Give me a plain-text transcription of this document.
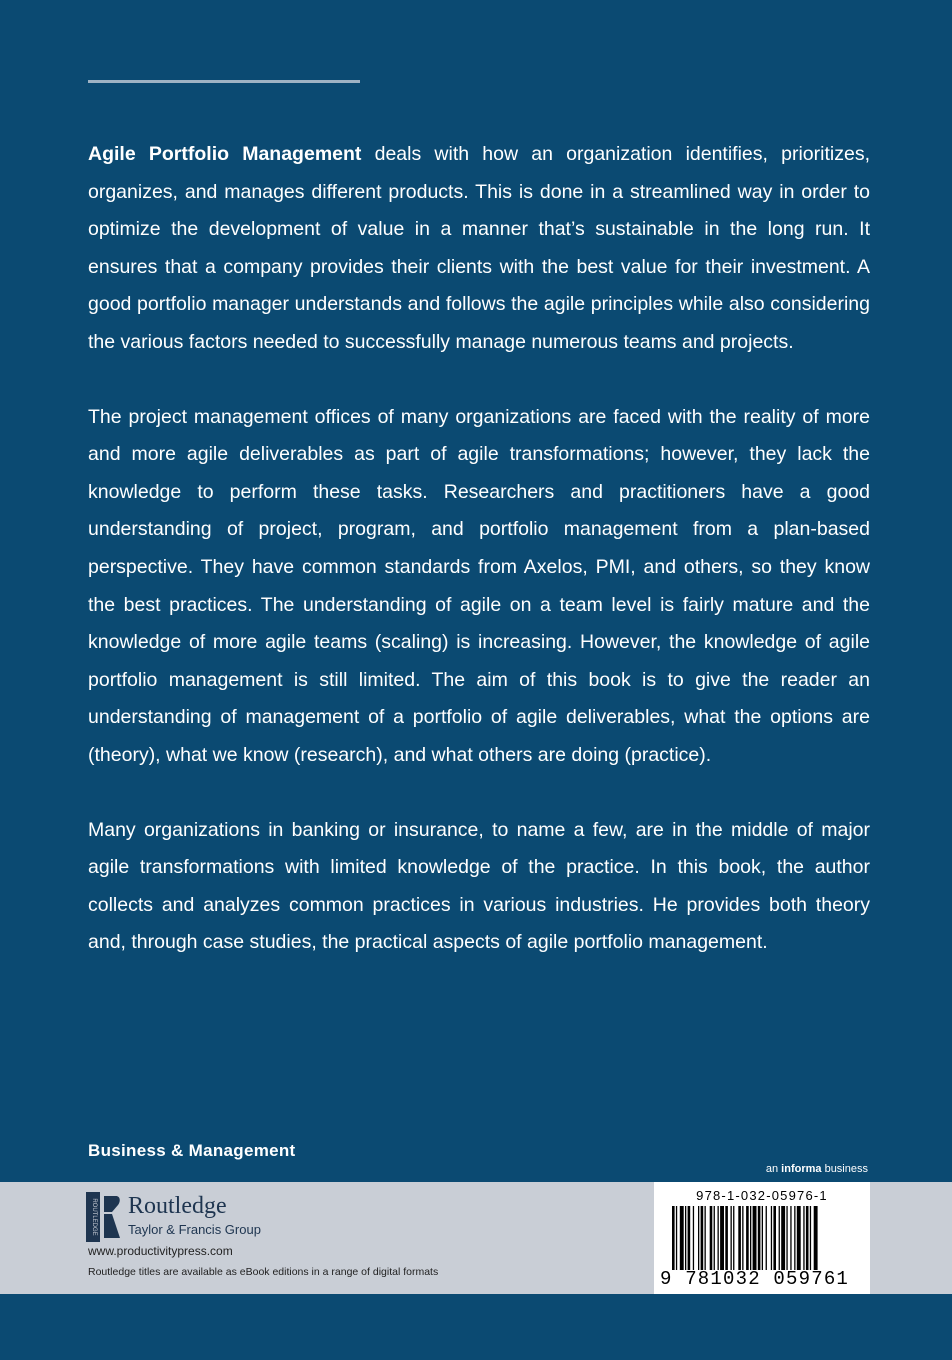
Agile Portfolio Management deals with how an organization identifies, prioritizes, organizes, and manages different products. This is done in a streamlined way in order to optimize the development of value in a manner that’s sustainable in the long run. It ensures that a company provides their clients with the best value for their investment. A good portfolio manager understands and follows the agile principles while also considering the various factors needed to successfully manage numerous teams and projects.

The project management offices of many organizations are faced with the reality of more and more agile deliverables as part of agile transformations; however, they lack the knowledge to perform these tasks. Researchers and practitioners have a good understanding of project, program, and portfolio management from a plan-based perspective. They have common standards from Axelos, PMI, and others, so they know the best practices. The understanding of agile on a team level is fairly mature and the knowledge of more agile teams (scaling) is increasing. However, the knowledge of agile portfolio management is still limited. The aim of this book is to give the reader an understanding of management of a portfolio of agile deliverables, what the options are (theory), what we know (research), and what others are doing (practice).

Many organizations in banking or insurance, to name a few, are in the middle of major agile transformations with limited knowledge of the practice. In this book, the author collects and analyzes common practices in various industries. He provides both theory and, through case studies, the practical aspects of agile portfolio management.

Business & Management
an informa business
ROUTLEDGE Routledge
Taylor & Francis Group
www.productivitypress.com
Routledge titles are available as eBook editions in a range of digital formats
978-1-032-05976-1
9 781032 059761
